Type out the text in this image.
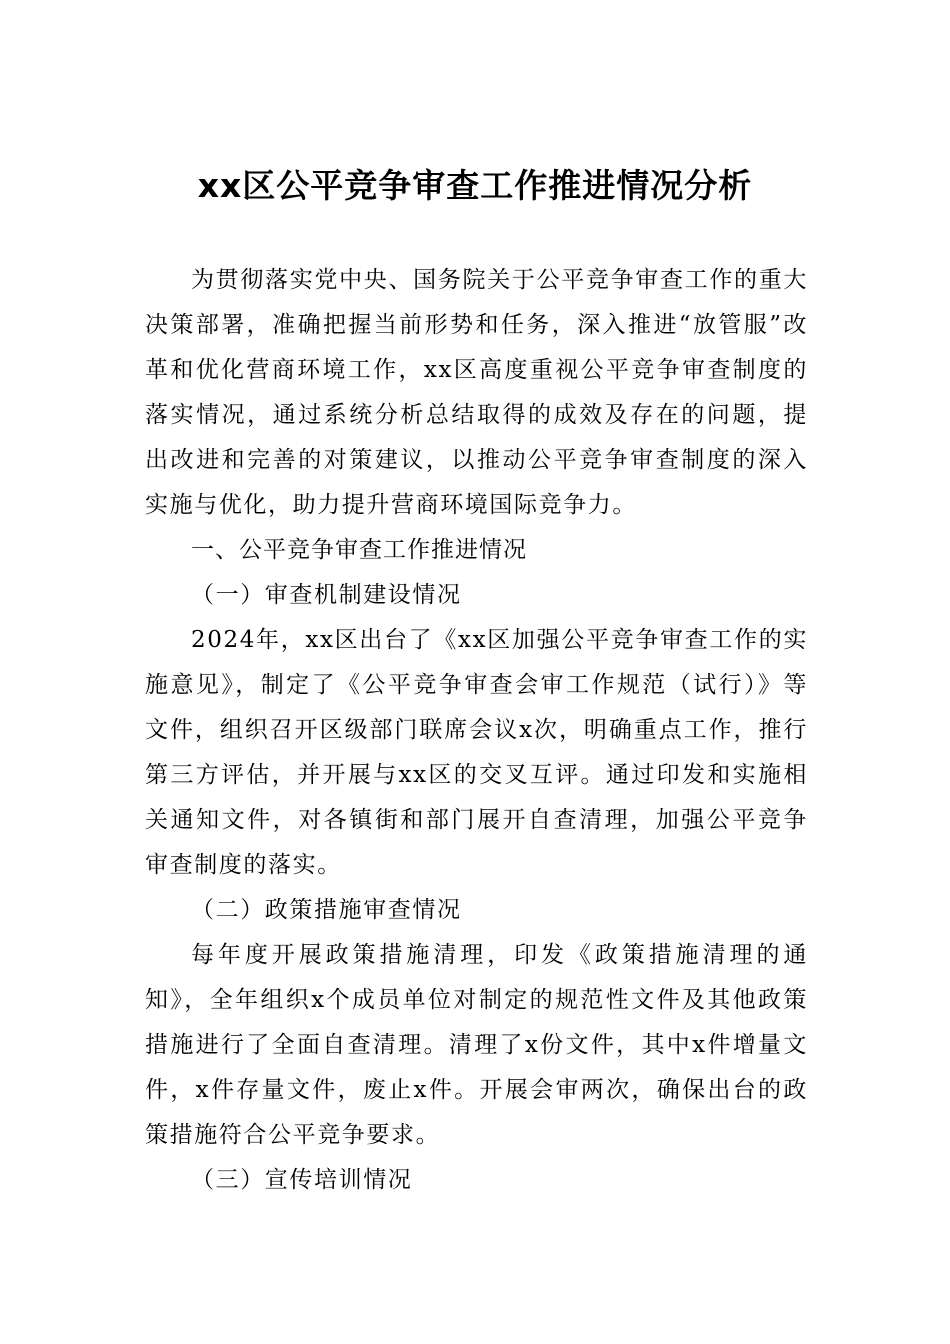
xx区公平竞争审查工作推进情况分析

为贯彻落实党中央、国务院关于公平竞争审查工作的重大决策部署，准确把握当前形势和任务，深入推进“放管服”改革和优化营商环境工作，xx区高度重视公平竞争审查制度的落实情况，通过系统分析总结取得的成效及存在的问题，提出改进和完善的对策建议，以推动公平竞争审查制度的深入实施与优化，助力提升营商环境国际竞争力。

一、公平竞争审查工作推进情况

（一）审查机制建设情况

2024年，xx区出台了《xx区加强公平竞争审查工作的实施意见》，制定了《公平竞争审查会审工作规范（试行）》等文件，组织召开区级部门联席会议x次，明确重点工作，推行第三方评估，并开展与xx区的交叉互评。通过印发和实施相关通知文件，对各镇街和部门展开自查清理，加强公平竞争审查制度的落实。

（二）政策措施审查情况

每年度开展政策措施清理，印发《政策措施清理的通知》，全年组织x个成员单位对制定的规范性文件及其他政策措施进行了全面自查清理。清理了x份文件，其中x件增量文件，x件存量文件，废止x件。开展会审两次，确保出台的政策措施符合公平竞争要求。

（三）宣传培训情况
